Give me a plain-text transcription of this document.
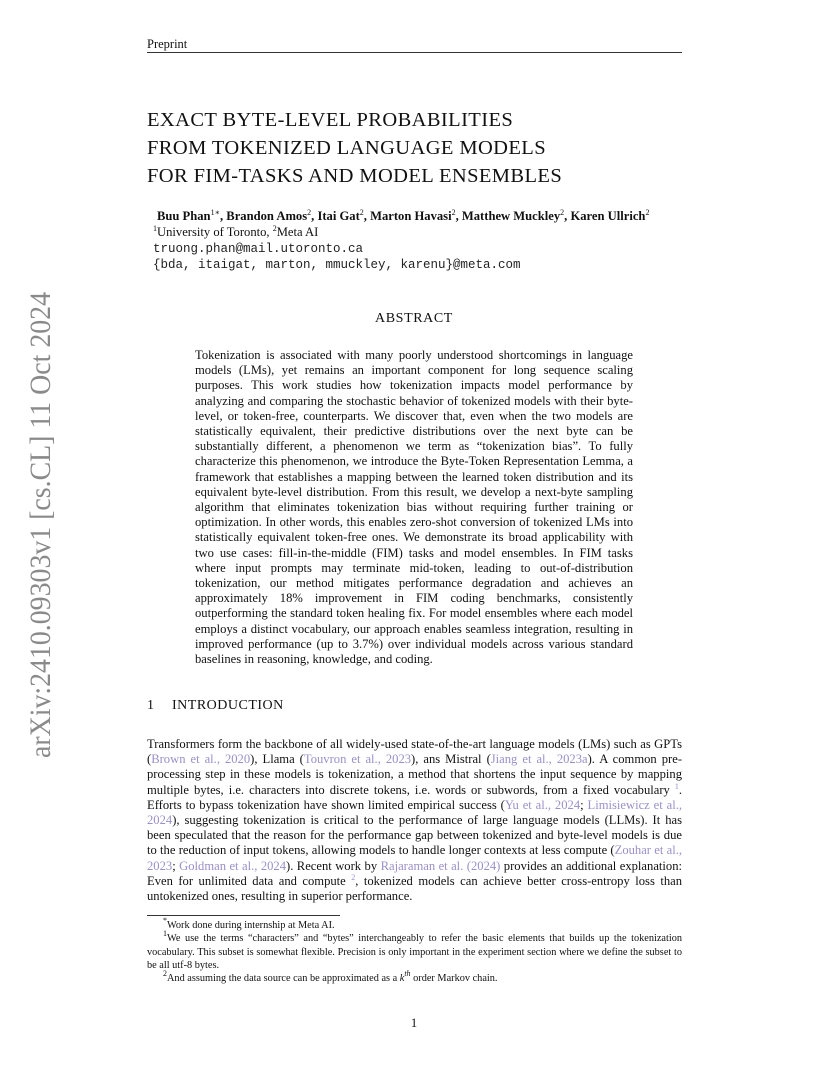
Preprint
arXiv:2410.09303v1 [cs.CL] 11 Oct 2024
EXACT BYTE-LEVEL PROBABILITIES
FROM TOKENIZED LANGUAGE MODELS
FOR FIM-TASKS AND MODEL ENSEMBLES
Buu Phan$^{1∗}$, Brandon Amos$^2$, Itai Gat$^2$, Marton Havasi$^2$, Matthew Muckley$^2$, Karen Ullrich$^2$
$^1$University of Toronto, $^2$Meta AI
truong.phan@mail.utoronto.ca
{bda, itaigat, marton, mmuckley, karenu}@meta.com
ABSTRACT

Tokenization is associated with many poorly understood shortcomings in language models (LMs), yet remains an important component for long sequence scaling purposes. This work studies how tokenization impacts model performance by analyzing and comparing the stochastic behavior of tokenized models with their byte-level, or token-free, counterparts. We discover that, even when the two models are statistically equivalent, their predictive distributions over the next byte can be substantially different, a phenomenon we term as “tokenization bias”. To fully characterize this phenomenon, we introduce the Byte-Token Representation Lemma, a framework that establishes a mapping between the learned token distribution and its equivalent byte-level distribution. From this result, we develop a next-byte sampling algorithm that eliminates tokenization bias without requiring further training or optimization. In other words, this enables zero-shot conversion of tokenized LMs into statistically equivalent token-free ones. We demonstrate its broad applicability with two use cases: fill-in-the-middle (FIM) tasks and model ensembles. In FIM tasks where input prompts may terminate mid-token, leading to out-of-distribution tokenization, our method mitigates performance degradation and achieves an approximately 18% improvement in FIM coding benchmarks, consistently outperforming the standard token healing fix. For model ensembles where each model employs a distinct vocabulary, our approach enables seamless integration, resulting in improved performance (up to 3.7%) over individual models across various standard baselines in reasoning, knowledge, and coding.

1 INTRODUCTION

Transformers form the backbone of all widely-used state-of-the-art language models (LMs) such as GPTs (Brown et al., 2020), Llama (Touvron et al., 2023), ans Mistral (Jiang et al., 2023a). A common pre-processing step in these models is tokenization, a method that shortens the input sequence by mapping multiple bytes, i.e. characters into discrete tokens, i.e. words or subwords, from a fixed vocabulary $^1$. Efforts to bypass tokenization have shown limited empirical success (Yu et al., 2024; Limisiewicz et al., 2024), suggesting tokenization is critical to the performance of large language models (LLMs). It has been speculated that the reason for the performance gap between tokenized and byte-level models is due to the reduction of input tokens, allowing models to handle longer contexts at less compute (Zouhar et al., 2023; Goldman et al., 2024). Recent work by Rajaraman et al. (2024) provides an additional explanation: Even for unlimited data and compute $^2$, tokenized models can achieve better cross-entropy loss than untokenized ones, resulting in superior performance.

*Work done during internship at Meta AI.

$^1$We use the terms “characters” and “bytes” interchangeably to refer the basic elements that builds up the tokenization vocabulary. This subset is somewhat flexible. Precision is only important in the experiment section where we define the subset to be all utf-8 bytes.

$^2$And assuming the data source can be approximated as a $k^{th}$ order Markov chain.

1
